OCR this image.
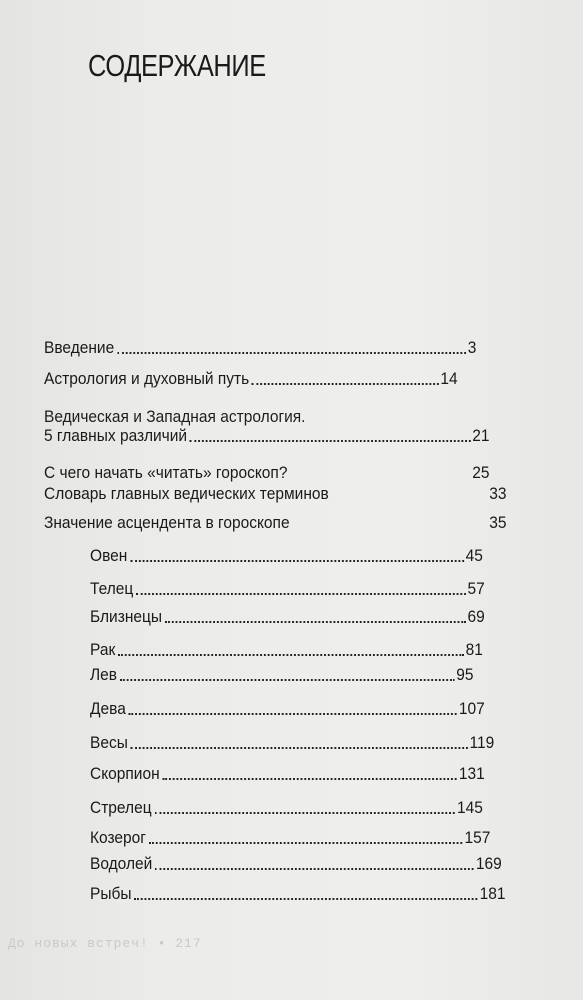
СОДЕРЖАНИЕ
Введение	3
Астрология и духовный путь	14
Ведическая и Западная астрология.
5 главных различий	21
С чего начать «читать» гороскоп?	25
Словарь главных ведических терминов	33
Значение асцендента в гороскопе	35
Овен	45
Телец	57
Близнецы	69
Рак	81
Лев	95
Дева	107
Весы	119
Скорпион	131
Стрелец	145
Козерог	157
Водолей	169
Рыбы	181
До новых встреч! • 217
